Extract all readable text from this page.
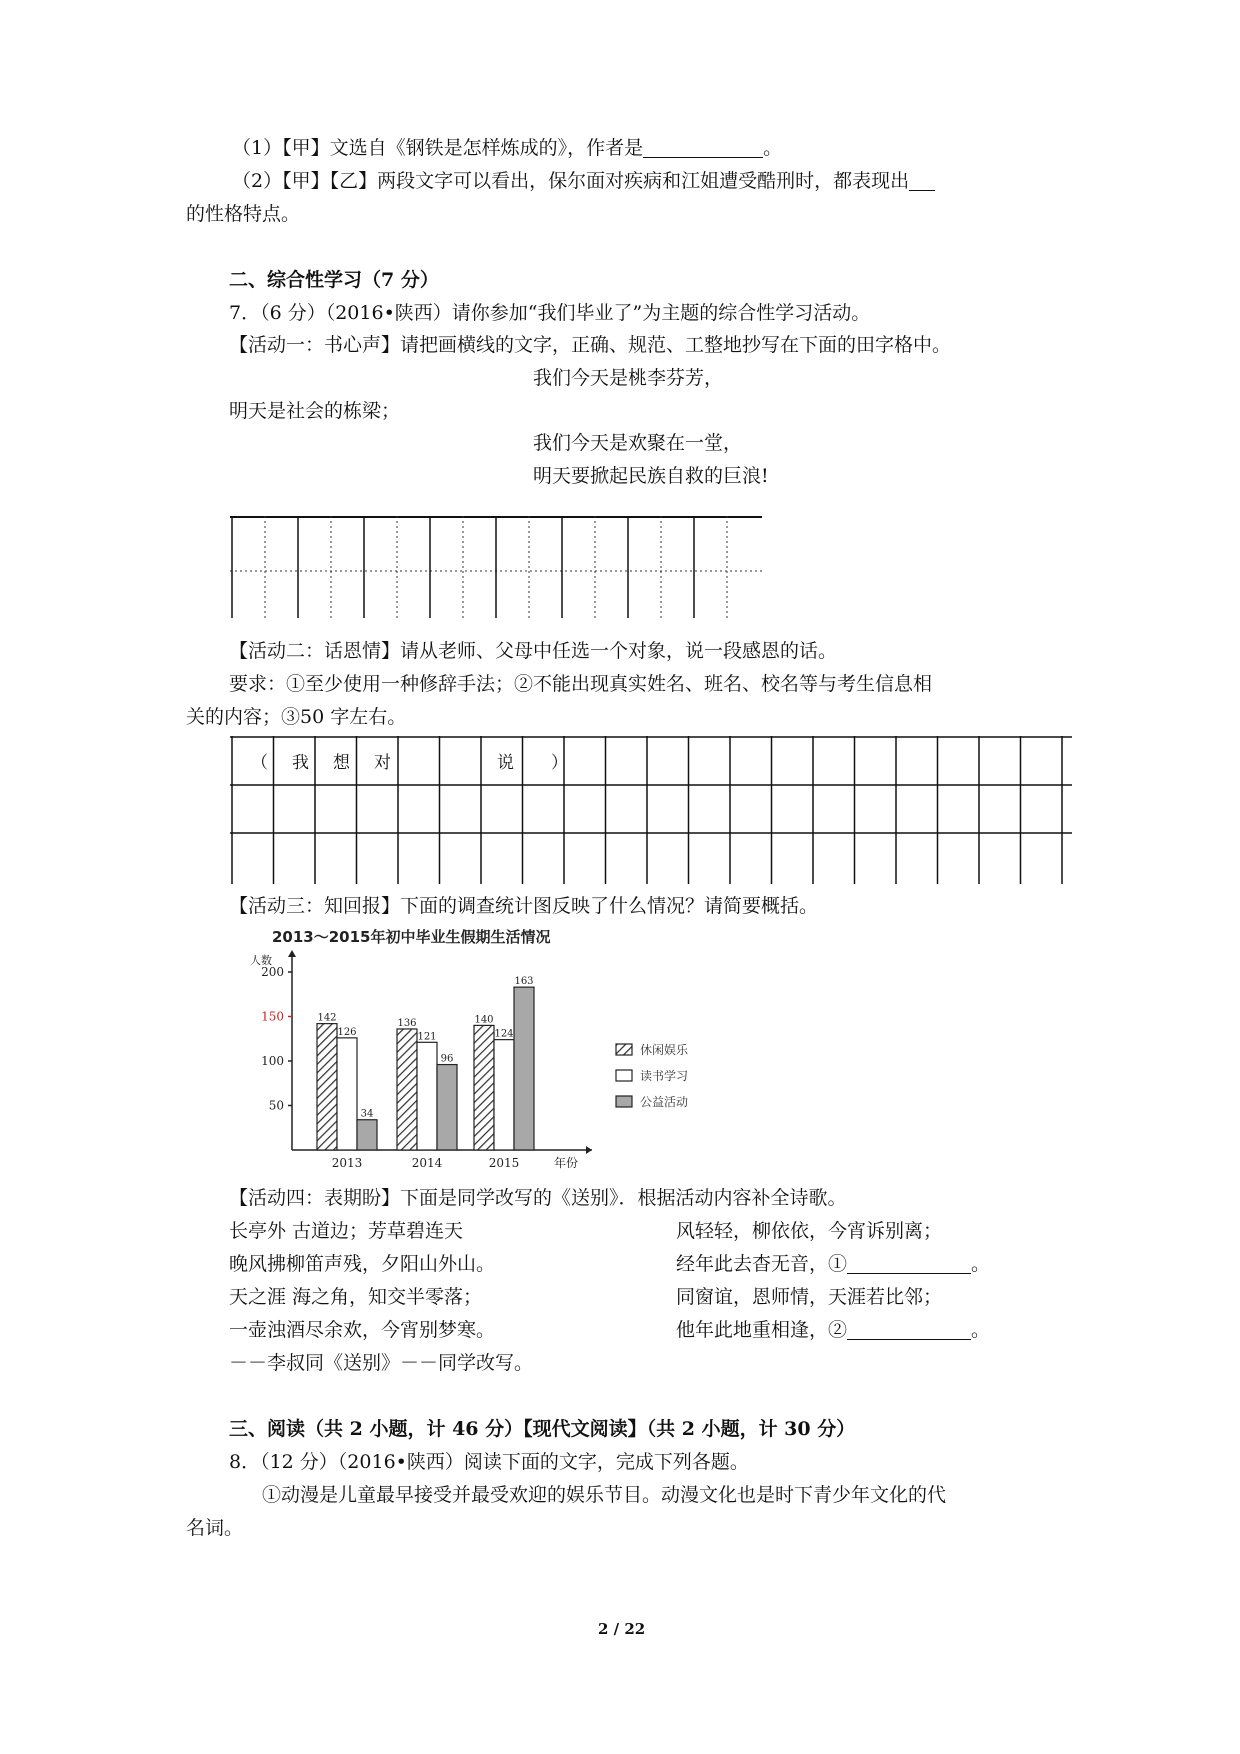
（1）【甲】文选自《钢铁是怎样炼成的》，作者是	。
（2）【甲】【乙】两段文字可以看出，保尔面对疾病和江姐遭受酷刑时，都表现出
的性格特点。
二、综合性学习（7 分）
7．（6 分）（2016•陕西）请你参加“我们毕业了”为主题的综合性学习活动。
【活动一：书心声】请把画横线的文字，正确、规范、工整地抄写在下面的田字格中。
我们今天是桃李芬芳，
明天是社会的栋梁；
我们今天是欢聚在一堂，
明天要掀起民族自救的巨浪!
【活动二：话恩情】请从老师、父母中任选一个对象，说一段感恩的话。
要求：①至少使用一种修辞手法；②不能出现真实姓名、班名、校名等与考生信息相
关的内容；③50 字左右。
（ 我 想 对	说 ）
【活动三：知回报】下面的调查统计图反映了什么情况？请简要概括。
2013～2015年初中毕业生假期生活情况
人数
年份
50
100
150
200
142
126
34
2013
136
121
96
2014
140
124
163
2015
休闲娱乐
读书学习
公益活动
【活动四：表期盼】下面是同学改写的《送别》．根据活动内容补全诗歌。
长亭外 古道边；芳草碧连天
晚风拂柳笛声残，夕阳山外山。
天之涯 海之角，知交半零落；
一壶浊酒尽余欢，今宵别梦寒。
－－李叔同《送别》－－同学改写。
风轻轻，柳依依，今宵诉别离；
经年此去杳无音，①	。
同窗谊，恩师情，天涯若比邻；
他年此地重相逢，②	。
三、阅读（共 2 小题，计 46 分）【现代文阅读】（共 2 小题，计 30 分）
8．（12 分）（2016•陕西）阅读下面的文字，完成下列各题。
①动漫是儿童最早接受并最受欢迎的娱乐节目。动漫文化也是时下青少年文化的代
名词。
2 / 22
